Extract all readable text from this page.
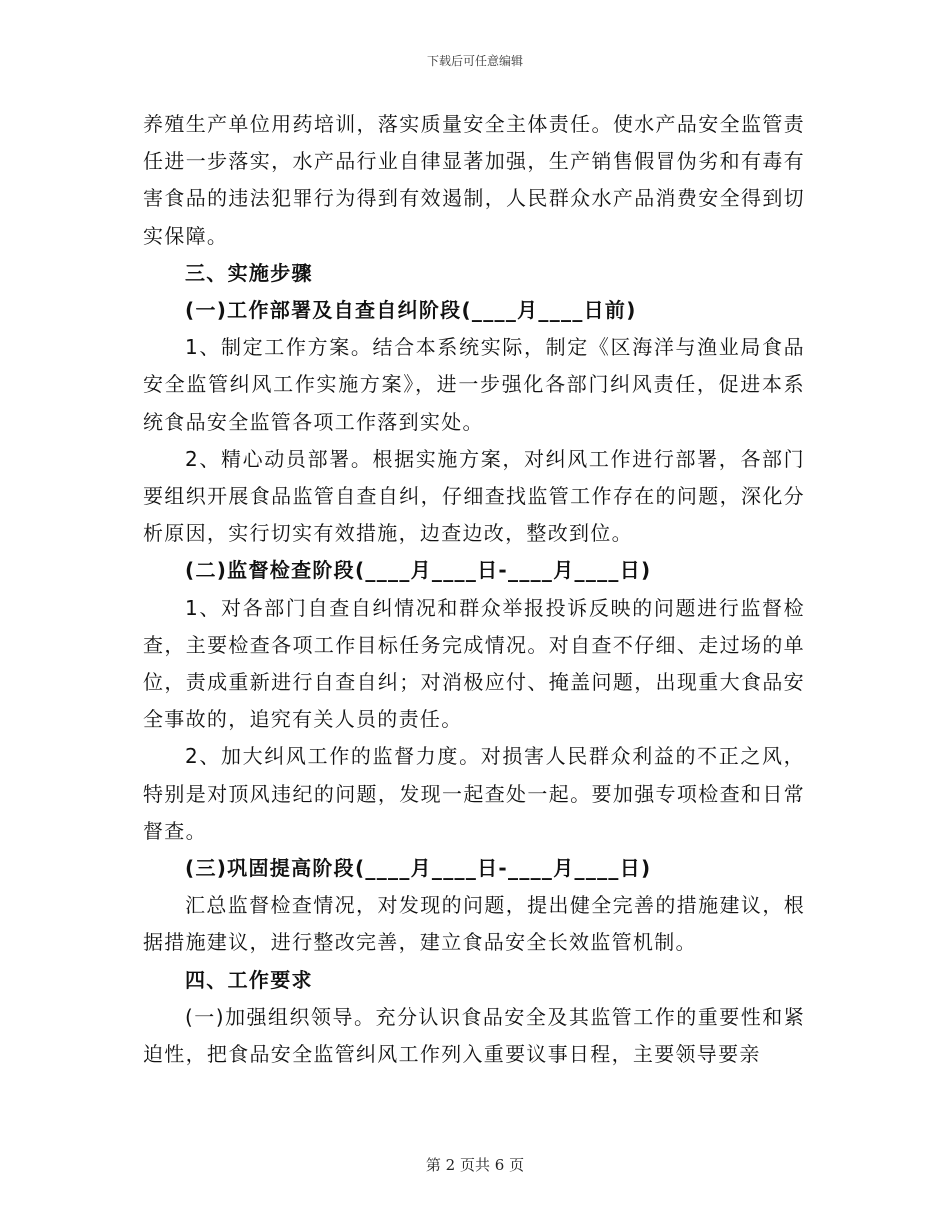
下载后可任意编辑

养殖生产单位用药培训，落实质量安全主体责任。使水产品安全监管责任进一步落实，水产品行业自律显著加强，生产销售假冒伪劣和有毒有害食品的违法犯罪行为得到有效遏制，人民群众水产品消费安全得到切实保障。

三、实施步骤

(一)工作部署及自查自纠阶段(____月____日前)

1、制定工作方案。结合本系统实际，制定《区海洋与渔业局食品安全监管纠风工作实施方案》，进一步强化各部门纠风责任，促进本系统食品安全监管各项工作落到实处。

2、精心动员部署。根据实施方案，对纠风工作进行部署，各部门要组织开展食品监管自查自纠，仔细查找监管工作存在的问题，深化分析原因，实行切实有效措施，边查边改，整改到位。

(二)监督检查阶段(____月____日-____月____日)

1、对各部门自查自纠情况和群众举报投诉反映的问题进行监督检查，主要检查各项工作目标任务完成情况。对自查不仔细、走过场的单位，责成重新进行自查自纠；对消极应付、掩盖问题，出现重大食品安全事故的，追究有关人员的责任。

2、加大纠风工作的监督力度。对损害人民群众利益的不正之风，特别是对顶风违纪的问题，发现一起查处一起。要加强专项检查和日常督查。

(三)巩固提高阶段(____月____日-____月____日)

汇总监督检查情况，对发现的问题，提出健全完善的措施建议，根据措施建议，进行整改完善，建立食品安全长效监管机制。

四、工作要求

(一)加强组织领导。充分认识食品安全及其监管工作的重要性和紧迫性，把食品安全监管纠风工作列入重要议事日程，主要领导要亲

第 2 页共 6 页
